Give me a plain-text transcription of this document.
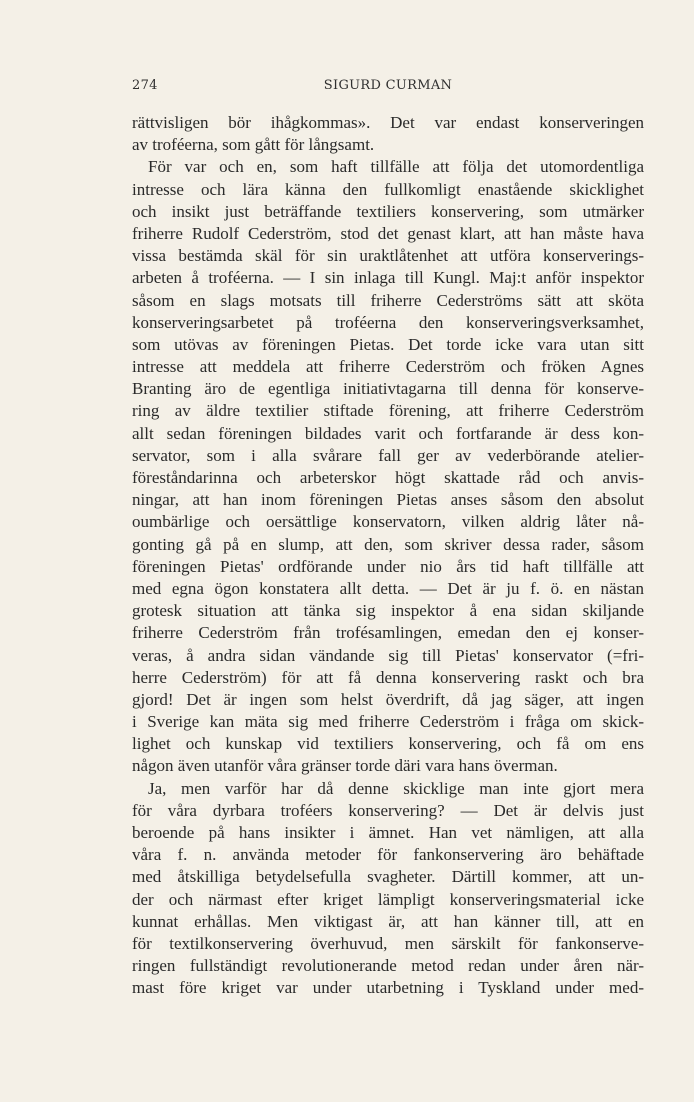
274	SIGURD CURMAN
rättvisligen bör ihågkommas». Det var endast konserveringen
av troféerna, som gått för långsamt.
För var och en, som haft tillfälle att följa det utomordentliga
intresse och lära känna den fullkomligt enastående skicklighet
och insikt just beträffande textiliers konservering, som utmärker
friherre Rudolf Cederström, stod det genast klart, att han måste hava
vissa bestämda skäl för sin uraktlåtenhet att utföra konserverings-
arbeten å troféerna. — I sin inlaga till Kungl. Maj:t anför inspektor
såsom en slags motsats till friherre Cederströms sätt att sköta
konserveringsarbetet på troféerna den konserveringsverksamhet,
som utövas av föreningen Pietas. Det torde icke vara utan sitt
intresse att meddela att friherre Cederström och fröken Agnes
Branting äro de egentliga initiativtagarna till denna för konserve-
ring av äldre textilier stiftade förening, att friherre Cederström
allt sedan föreningen bildades varit och fortfarande är dess kon-
servator, som i alla svårare fall ger av vederbörande atelier-
föreståndarinna och arbeterskor högt skattade råd och anvis-
ningar, att han inom föreningen Pietas anses såsom den absolut
oumbärlige och oersättlige konservatorn, vilken aldrig låter nå-
gonting gå på en slump, att den, som skriver dessa rader, såsom
föreningen Pietas' ordförande under nio års tid haft tillfälle att
med egna ögon konstatera allt detta. — Det är ju f. ö. en nästan
grotesk situation att tänka sig inspektor å ena sidan skiljande
friherre Cederström från trofésamlingen, emedan den ej konser-
veras, å andra sidan vändande sig till Pietas' konservator (=fri-
herre Cederström) för att få denna konservering raskt och bra
gjord! Det är ingen som helst överdrift, då jag säger, att ingen
i Sverige kan mäta sig med friherre Cederström i fråga om skick-
lighet och kunskap vid textiliers konservering, och få om ens
någon även utanför våra gränser torde däri vara hans överman.
Ja, men varför har då denne skicklige man inte gjort mera
för våra dyrbara troféers konservering? — Det är delvis just
beroende på hans insikter i ämnet. Han vet nämligen, att alla
våra f. n. använda metoder för fankonservering äro behäftade
med åtskilliga betydelsefulla svagheter. Därtill kommer, att un-
der och närmast efter kriget lämpligt konserveringsmaterial icke
kunnat erhållas. Men viktigast är, att han känner till, att en
för textilkonservering överhuvud, men särskilt för fankonserve-
ringen fullständigt revolutionerande metod redan under åren när-
mast före kriget var under utarbetning i Tyskland under med-
